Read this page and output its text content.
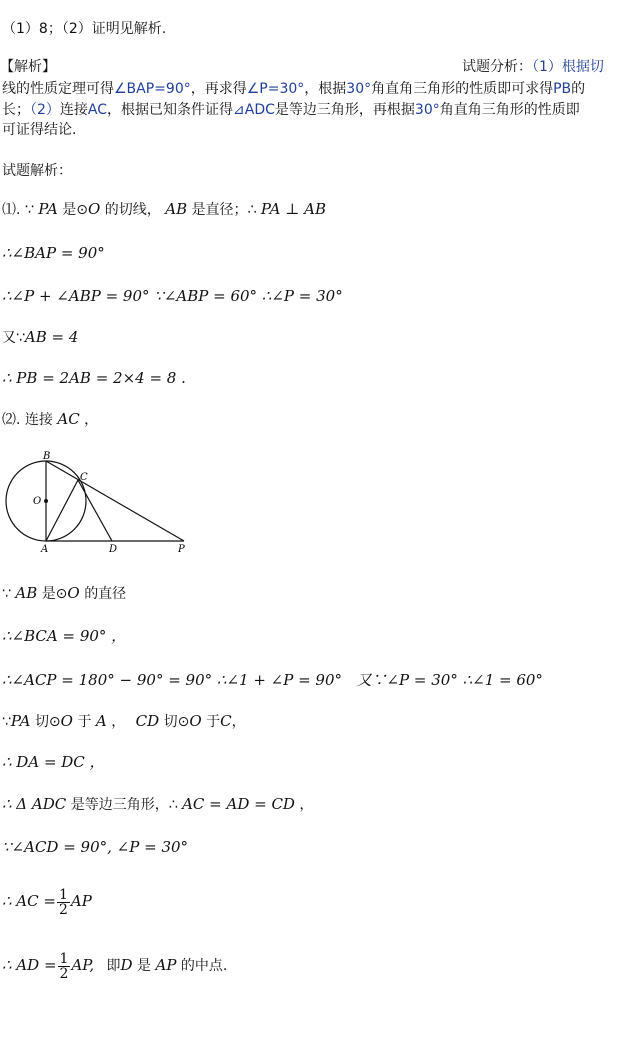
（1）8；（2）证明见解析.
【解析】	试题分析：（1）根据切
线的性质定理可得∠BAP=90°，再求得∠P=30°，根据30°角直角三角形的性质即可求得PB的
长；（2）连接AC，根据已知条件证得⊿ADC是等边三角形，再根据30°角直角三角形的性质即
可证得结论.
试题解析：
⑴. ∵ PA 是⊙O 的切线， AB 是直径；∴ PA ⊥ AB
∴∠BAP = 90°
∴∠P + ∠ABP = 90° ∵∠ABP = 60° ∴∠P = 30°
又∵AB = 4
∴ PB = 2AB = 2×4 = 8 .
⑵. 连接 AC ，
B
C
O
A	D	P
∵ AB 是⊙O 的直径
∴∠BCA = 90° ，
∴∠ACP = 180° − 90° = 90° ∴∠1 + ∠P = 90° 又∵∠P = 30° ∴∠1 = 60°
∵PA 切⊙O 于 A ， CD 切⊙O 于C，
∴ DA = DC ，
∴ Δ ADC 是等边三角形，∴ AC = AD = CD ，
∵∠ACD = 90°, ∠P = 30°
∴ AC = $\frac{1}{2}$ AP
∴ AD = $\frac{1}{2}$ AP, 即D 是 AP 的中点.
